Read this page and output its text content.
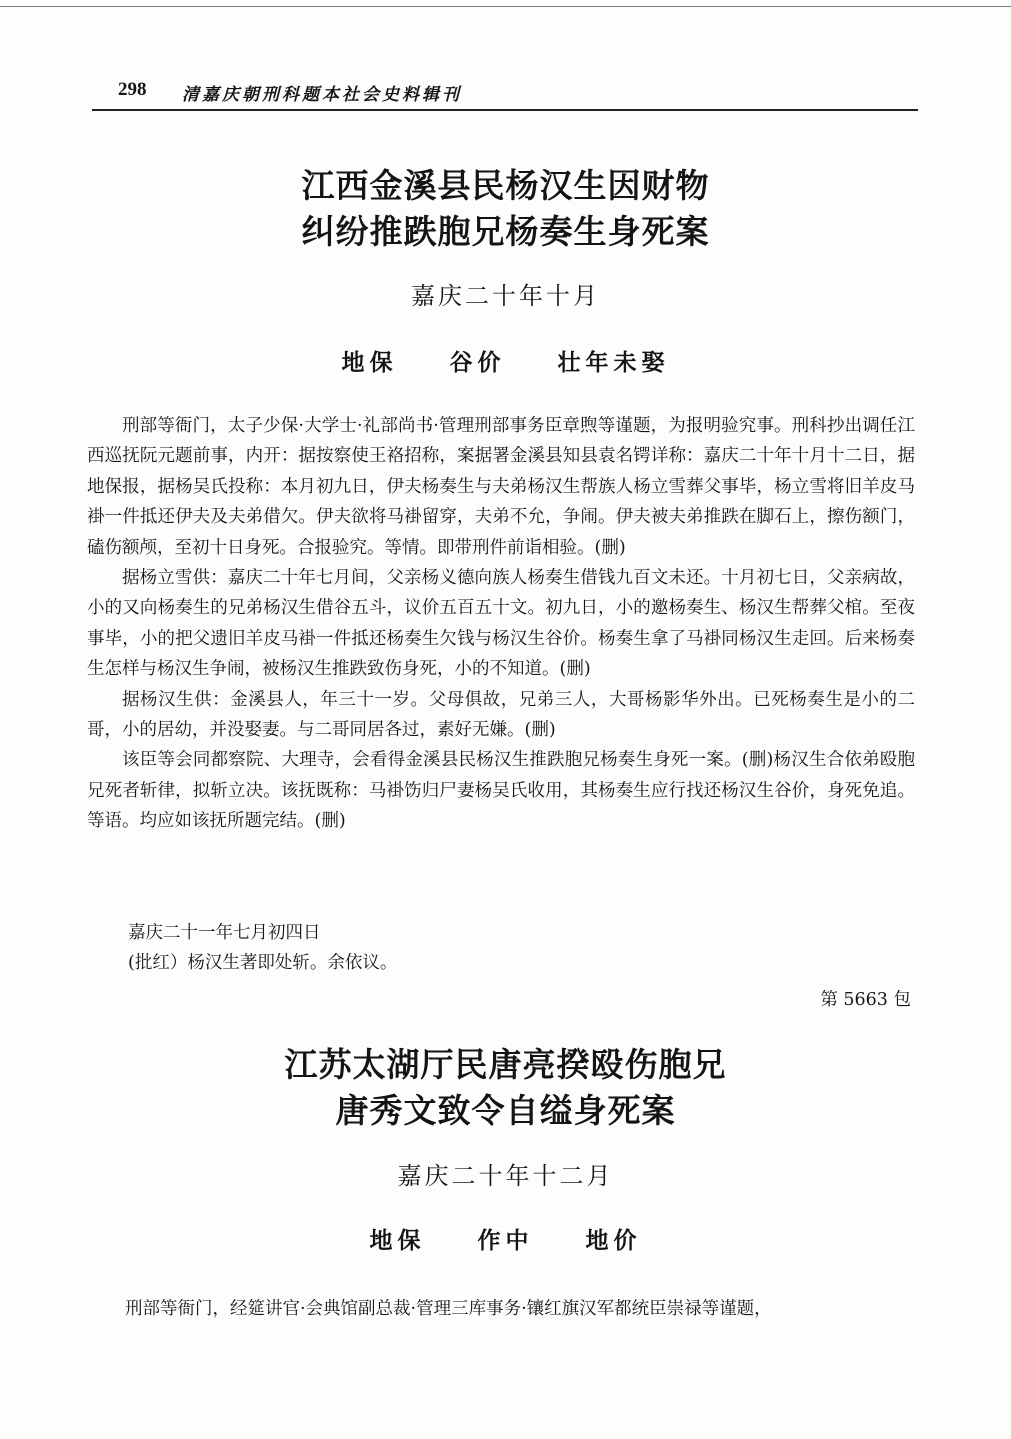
298 清嘉庆朝刑科题本社会史料辑刊
江西金溪县民杨汉生因财物
纠纷推跌胞兄杨奏生身死案
嘉庆二十年十月
地保 谷价 壮年未娶

刑部等衙门，太子少保·大学士·礼部尚书·管理刑部事务臣章煦等谨题，为报明验究事。刑科抄出调任江西巡抚阮元题前事，内开：据按察使王袼招称，案据署金溪县知县袁名锷详称：嘉庆二十年十月十二日，据地保报，据杨吴氏投称：本月初九日，伊夫杨奏生与夫弟杨汉生帮族人杨立雪葬父事毕，杨立雪将旧羊皮马褂一件抵还伊夫及夫弟借欠。伊夫欲将马褂留穿，夫弟不允，争闹。伊夫被夫弟推跌在脚石上，擦伤额门，磕伤额颅，至初十日身死。合报验究。等情。即带刑件前诣相验。(删)

据杨立雪供：嘉庆二十年七月间，父亲杨义德向族人杨奏生借钱九百文未还。十月初七日，父亲病故，小的又向杨奏生的兄弟杨汉生借谷五斗，议价五百五十文。初九日，小的邀杨奏生、杨汉生帮葬父棺。至夜事毕，小的把父遗旧羊皮马褂一件抵还杨奏生欠钱与杨汉生谷价。杨奏生拿了马褂同杨汉生走回。后来杨奏生怎样与杨汉生争闹，被杨汉生推跌致伤身死，小的不知道。(删)

据杨汉生供：金溪县人，年三十一岁。父母俱故，兄弟三人，大哥杨影华外出。已死杨奏生是小的二哥，小的居幼，并没娶妻。与二哥同居各过，素好无嫌。(删)

该臣等会同都察院、大理寺，会看得金溪县民杨汉生推跌胞兄杨奏生身死一案。(删)杨汉生合依弟殴胞兄死者斩律，拟斩立决。该抚既称：马褂饬归尸妻杨吴氏收用，其杨奏生应行找还杨汉生谷价，身死免追。等语。均应如该抚所题完结。(删)

嘉庆二十一年七月初四日
(批红）杨汉生著即处斩。余依议。
第 5663 包
江苏太湖厅民唐亮揆殴伤胞兄
唐秀文致令自缢身死案
嘉庆二十年十二月
地保 作中 地价
刑部等衙门，经筵讲官·会典馆副总裁·管理三库事务·镶红旗汉军都统臣崇禄等谨题，
